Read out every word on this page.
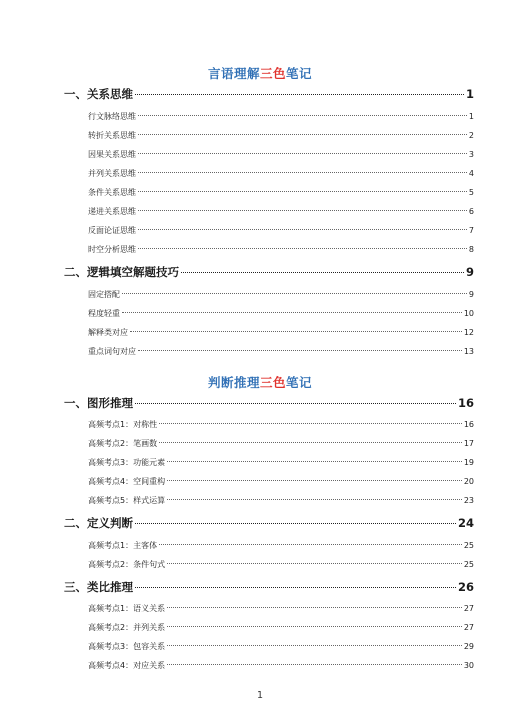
言语理解三色笔记
一、关系思维	1
行文脉络思维	1
转折关系思维	2
因果关系思维	3
并列关系思维	4
条件关系思维	5
递进关系思维	6
反面论证思维	7
时空分析思维	8
二、逻辑填空解题技巧	9
固定搭配	9
程度轻重	10
解释类对应	12
重点词句对应	13
判断推理三色笔记
一、图形推理	16
高频考点1：对称性	16
高频考点2：笔画数	17
高频考点3：功能元素	19
高频考点4：空间重构	20
高频考点5：样式运算	23
二、定义判断	24
高频考点1：主客体	25
高频考点2：条件句式	25
三、类比推理	26
高频考点1：语义关系	27
高频考点2：并列关系	27
高频考点3：包容关系	29
高频考点4：对应关系	30
1
